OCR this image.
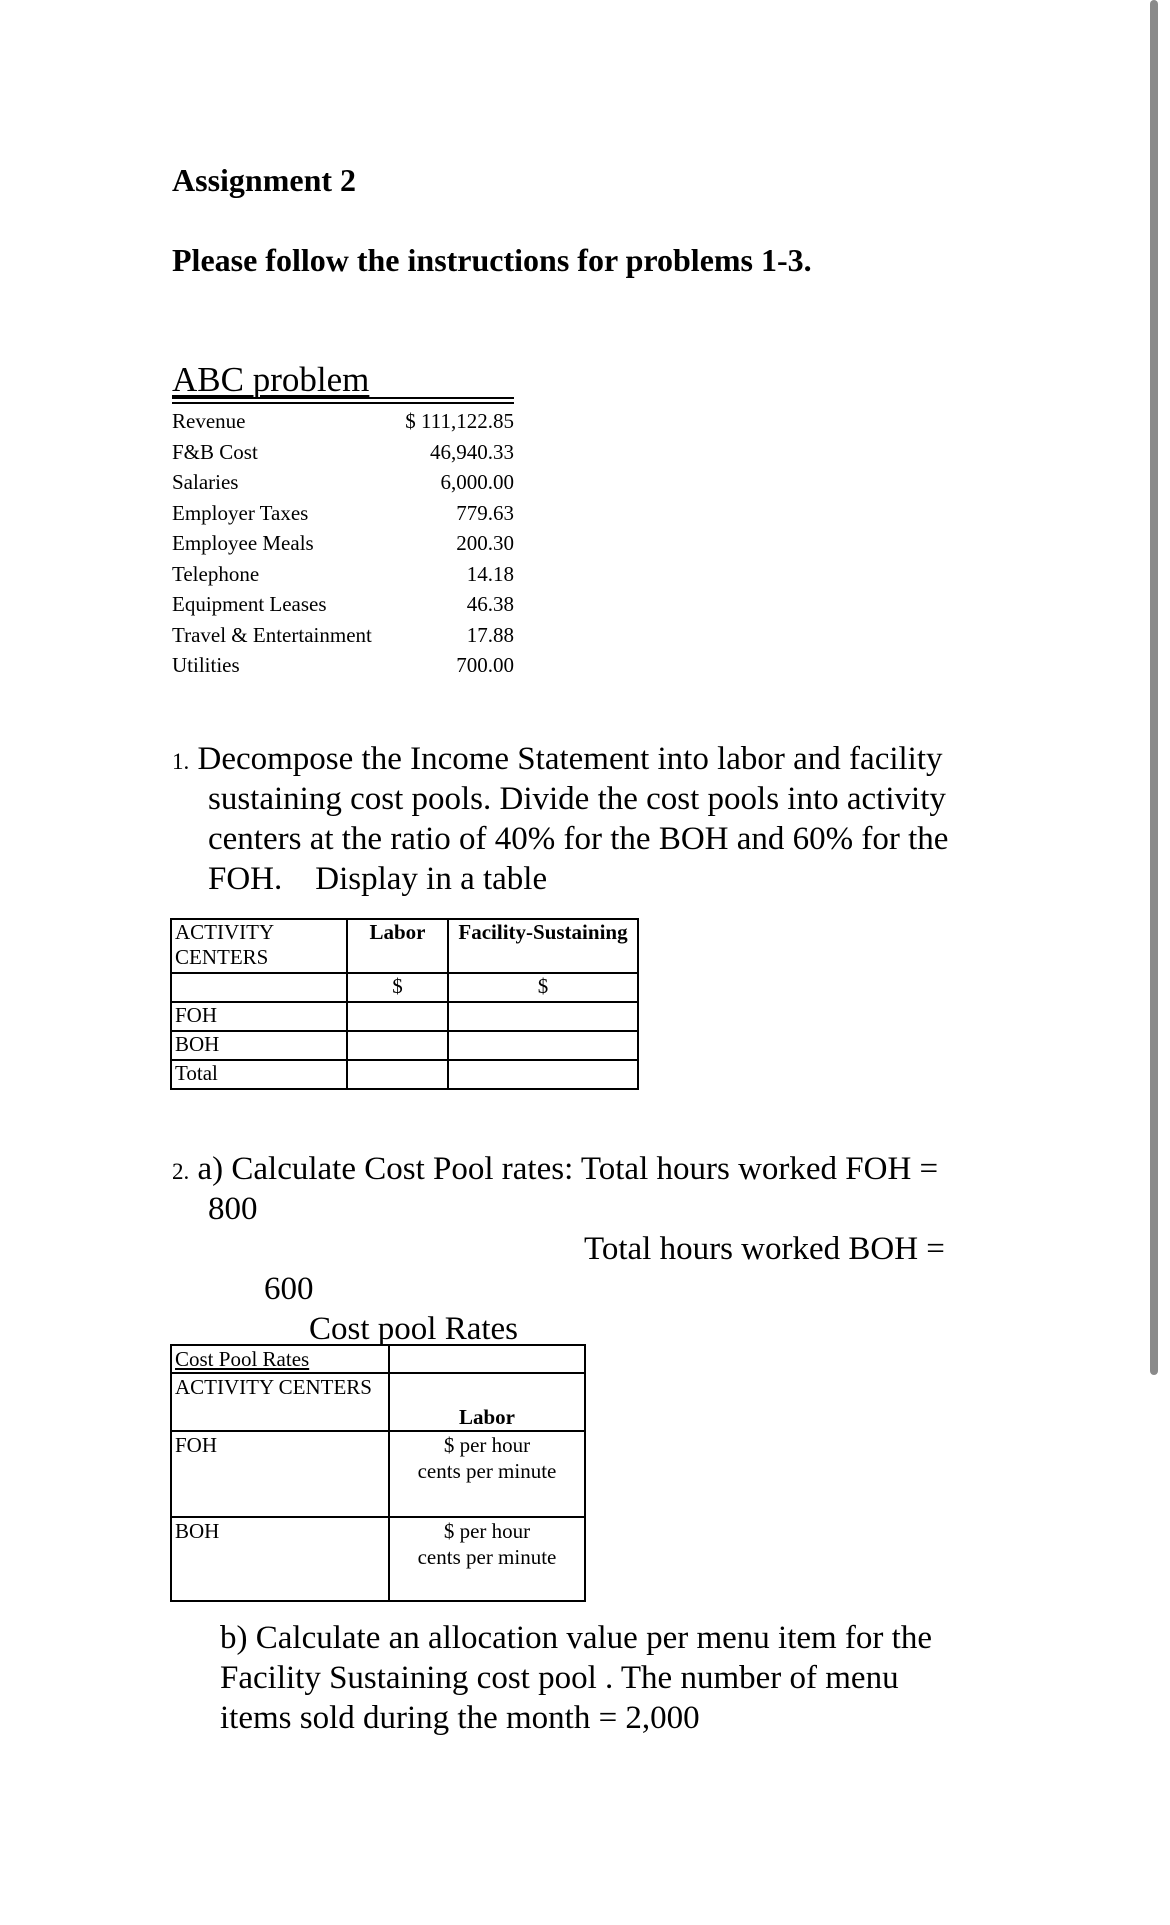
Assignment 2
Please follow the instructions for problems 1-3.
ABC problem
Revenue	$ 111,122.85
F&B Cost	46,940.33
Salaries	6,000.00
Employer Taxes	779.63
Employee Meals	200.30
Telephone	14.18
Equipment Leases	46.38
Travel & Entertainment	17.88
Utilities	700.00
1. Decompose the Income Statement into labor and facility
sustaining cost pools. Divide the cost pools into activity
centers at the ratio of 40% for the BOH and 60% for the
FOH.    Display in a table
ACTIVITY
CENTERS	Labor	Facility-Sustaining
	$	$
FOH		
BOH		
Total		
2. a) Calculate Cost Pool rates: Total hours worked FOH =
800
Total hours worked BOH =
600
Cost pool Rates
Cost Pool Rates	
ACTIVITY CENTERS	Labor
FOH	$ per hour
cents per minute
BOH	$ per hour
cents per minute
b) Calculate an allocation value per menu item for the
Facility Sustaining cost pool . The number of menu
items sold during the month = 2,000
